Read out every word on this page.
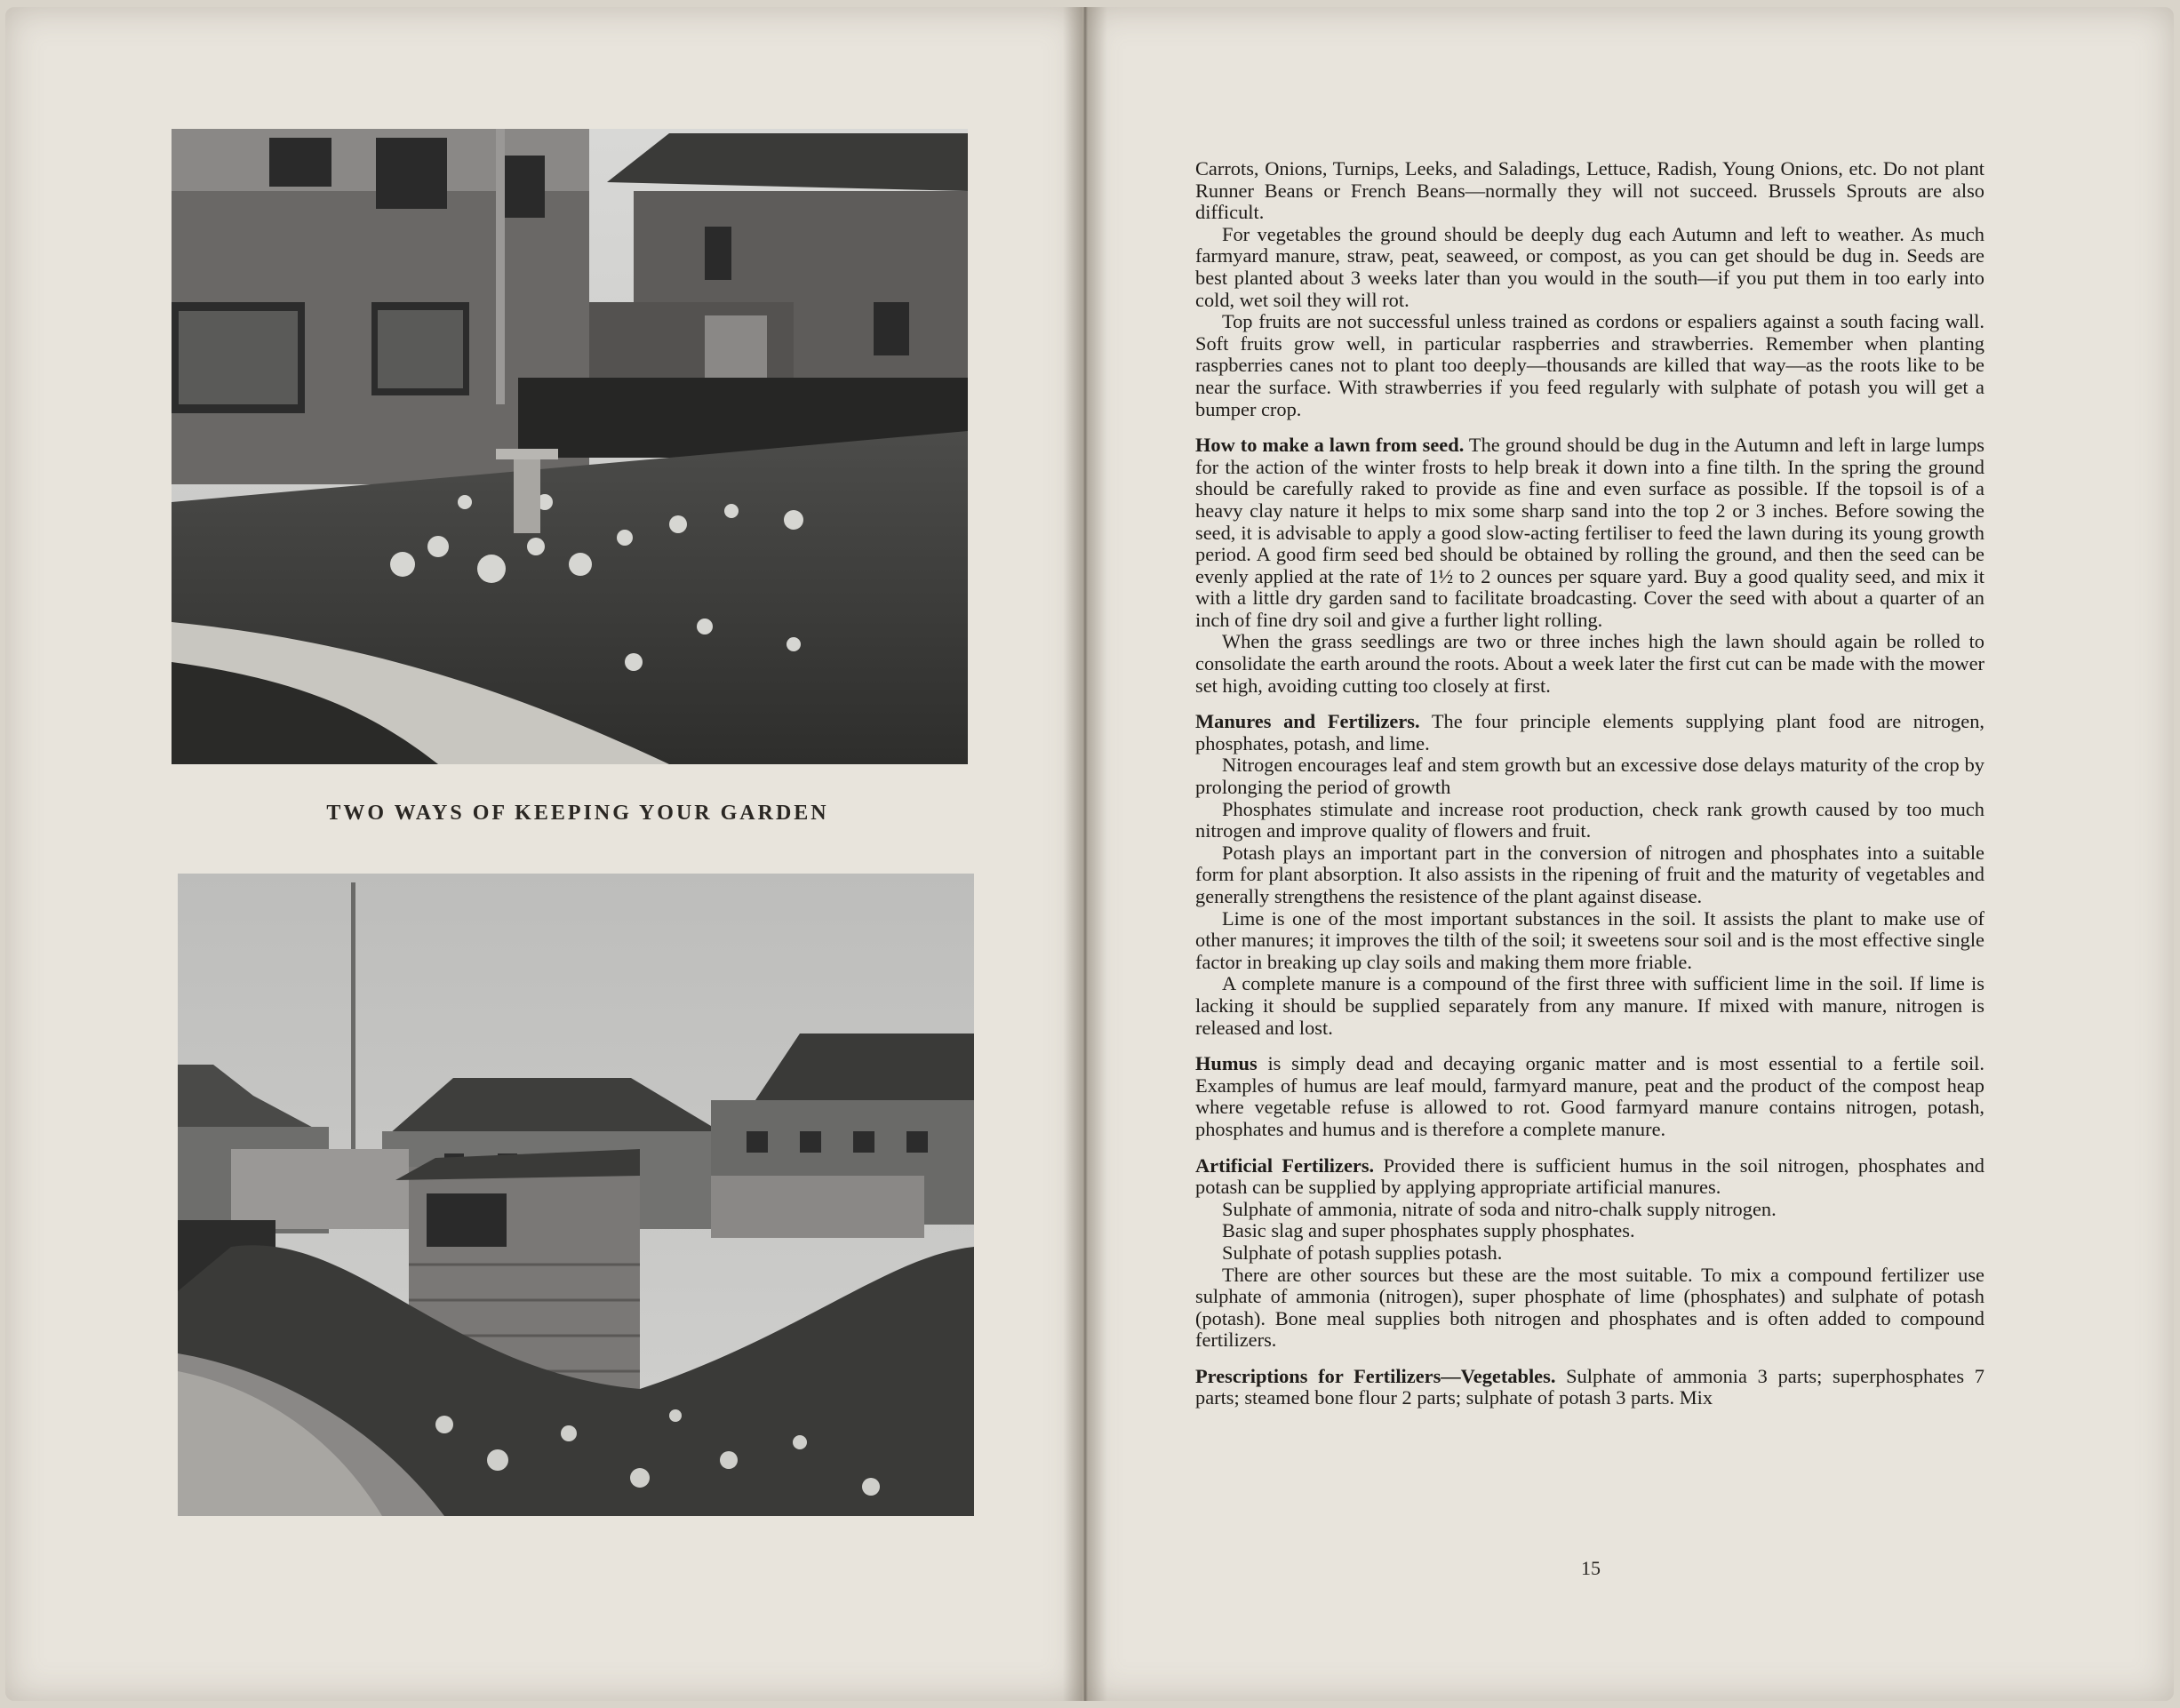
TWO WAYS OF KEEPING YOUR GARDEN

Carrots, Onions, Turnips, Leeks, and Saladings, Lettuce, Radish, Young Onions, etc. Do not plant Runner Beans or French Beans—normally they will not succeed. Brussels Sprouts are also difficult.

For vegetables the ground should be deeply dug each Autumn and left to weather. As much farmyard manure, straw, peat, seaweed, or compost, as you can get should be dug in. Seeds are best planted about 3 weeks later than you would in the south—if you put them in too early into cold, wet soil they will rot.

Top fruits are not successful unless trained as cordons or espaliers against a south facing wall. Soft fruits grow well, in particular raspberries and strawberries. Remember when planting raspberries canes not to plant too deeply—thousands are killed that way—as the roots like to be near the surface. With strawberries if you feed regularly with sulphate of potash you will get a bumper crop.

How to make a lawn from seed. The ground should be dug in the Autumn and left in large lumps for the action of the winter frosts to help break it down into a fine tilth. In the spring the ground should be carefully raked to provide as fine and even surface as possible. If the topsoil is of a heavy clay nature it helps to mix some sharp sand into the top 2 or 3 inches. Before sowing the seed, it is advisable to apply a good slow-acting fertiliser to feed the lawn during its young growth period. A good firm seed bed should be obtained by rolling the ground, and then the seed can be evenly applied at the rate of 1½ to 2 ounces per square yard. Buy a good quality seed, and mix it with a little dry garden sand to facilitate broadcasting. Cover the seed with about a quarter of an inch of fine dry soil and give a further light rolling.

When the grass seedlings are two or three inches high the lawn should again be rolled to consolidate the earth around the roots. About a week later the first cut can be made with the mower set high, avoiding cutting too closely at first.

Manures and Fertilizers. The four principle elements supplying plant food are nitrogen, phosphates, potash, and lime.

Nitrogen encourages leaf and stem growth but an excessive dose delays maturity of the crop by prolonging the period of growth

Phosphates stimulate and increase root production, check rank growth caused by too much nitrogen and improve quality of flowers and fruit.

Potash plays an important part in the conversion of nitrogen and phosphates into a suitable form for plant absorption. It also assists in the ripening of fruit and the maturity of vegetables and generally strengthens the resistence of the plant against disease.

Lime is one of the most important substances in the soil. It assists the plant to make use of other manures; it improves the tilth of the soil; it sweetens sour soil and is the most effective single factor in breaking up clay soils and making them more friable.

A complete manure is a compound of the first three with sufficient lime in the soil. If lime is lacking it should be supplied separately from any manure. If mixed with manure, nitrogen is released and lost.

Humus is simply dead and decaying organic matter and is most essential to a fertile soil. Examples of humus are leaf mould, farmyard manure, peat and the product of the compost heap where vegetable refuse is allowed to rot. Good farmyard manure contains nitrogen, potash, phosphates and humus and is therefore a complete manure.

Artificial Fertilizers. Provided there is sufficient humus in the soil nitrogen, phosphates and potash can be supplied by applying appropriate artificial manures.

Sulphate of ammonia, nitrate of soda and nitro-chalk supply nitrogen.

Basic slag and super phosphates supply phosphates.

Sulphate of potash supplies potash.

There are other sources but these are the most suitable. To mix a compound fertilizer use sulphate of ammonia (nitrogen), super phosphate of lime (phosphates) and sulphate of potash (potash). Bone meal supplies both nitrogen and phosphates and is often added to compound fertilizers.

Prescriptions for Fertilizers—Vegetables. Sulphate of ammonia 3 parts; superphosphates 7 parts; steamed bone flour 2 parts; sulphate of potash 3 parts. Mix

15
